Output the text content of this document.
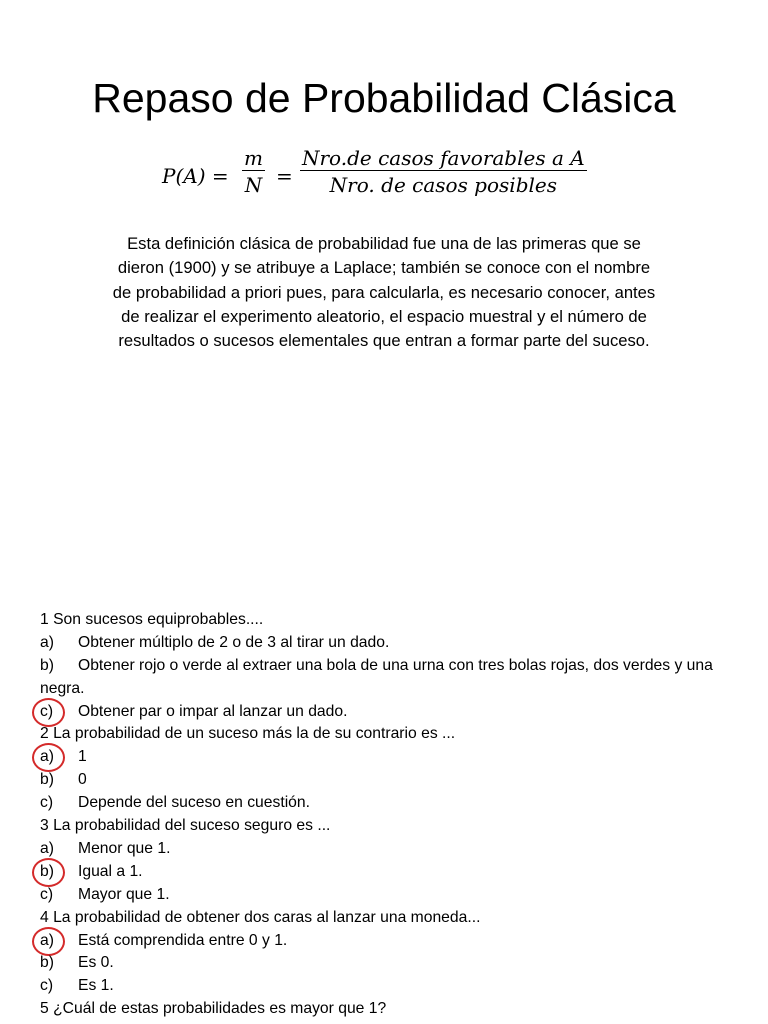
Repaso de Probabilidad Clásica
$P(A) = \frac{m}{N}$ =
Nro.de casos favorables a A
Nro. de casos posibles

Esta definición clásica de probabilidad fue una de las primeras que se dieron (1900) y se atribuye a Laplace; también se conoce con el nombre de probabilidad a priori pues, para calcularla, es necesario conocer, antes de realizar el experimento aleatorio, el espacio muestral y el número de resultados o sucesos elementales que entran a formar parte del suceso.

1 Son sucesos equiprobables....
a) Obtener múltiplo de 2 o de 3 al tirar un dado.
b) Obtener rojo o verde al extraer una bola de una urna con tres bolas rojas, dos verdes y una negra.
c) Obtener par o impar al lanzar un dado.
2 La probabilidad de un suceso más la de su contrario es ...
a) 1
b) 0
c) Depende del suceso en cuestión.
3 La probabilidad del suceso seguro es ...
a) Menor que 1.
b) Igual a 1.
c) Mayor que 1.
4 La probabilidad de obtener dos caras al lanzar una moneda...
a) Está comprendida entre 0 y 1.
b) Es 0.
c) Es 1.
5 ¿Cuál de estas probabilidades es mayor que 1?
